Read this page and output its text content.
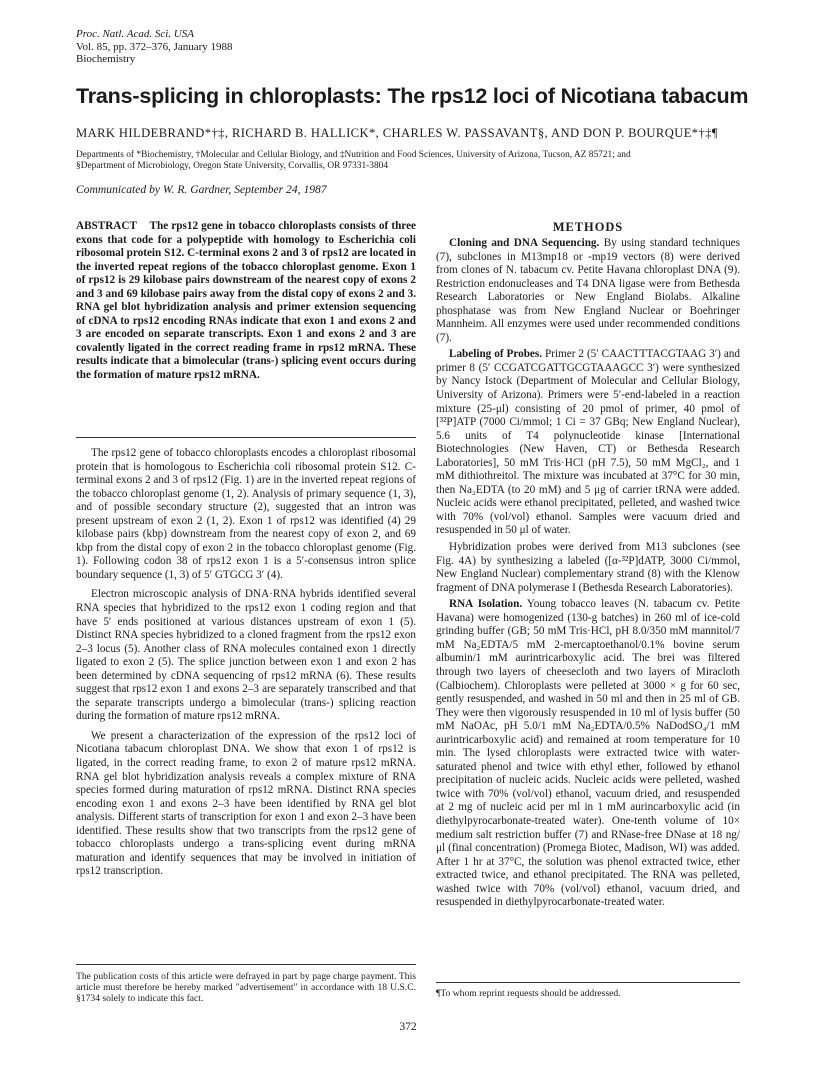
Proc. Natl. Acad. Sci. USA
Vol. 85, pp. 372–376, January 1988
Biochemistry
Trans-splicing in chloroplasts: The rps12 loci of Nicotiana tabacum
MARK HILDEBRAND*†‡, RICHARD B. HALLICK*, CHARLES W. PASSAVANT§, AND DON P. BOURQUE*†‡¶
Departments of *Biochemistry, †Molecular and Cellular Biology, and ‡Nutrition and Food Sciences, University of Arizona, Tucson, AZ 85721; and
§Department of Microbiology, Oregon State University, Corvallis, OR 97331-3804
Communicated by W. R. Gardner, September 24, 1987

ABSTRACT The rps12 gene in tobacco chloroplasts consists of three exons that code for a polypeptide with homology to Escherichia coli ribosomal protein S12. C-terminal exons 2 and 3 of rps12 are located in the inverted repeat regions of the tobacco chloroplast genome. Exon 1 of rps12 is 29 kilobase pairs downstream of the nearest copy of exons 2 and 3 and 69 kilobase pairs away from the distal copy of exons 2 and 3. RNA gel blot hybridization analysis and primer extension sequencing of cDNA to rps12 encoding RNAs indicate that exon 1 and exons 2 and 3 are encoded on separate transcripts. Exon 1 and exons 2 and 3 are covalently ligated in the correct reading frame in rps12 mRNA. These results indicate that a bimolecular (trans-) splicing event occurs during the formation of mature rps12 mRNA.

The rps12 gene of tobacco chloroplasts encodes a chloroplast ribosomal protein that is homologous to Escherichia coli ribosomal protein S12. C-terminal exons 2 and 3 of rps12 (Fig. 1) are in the inverted repeat regions of the tobacco chloroplast genome (1, 2). Analysis of primary sequence (1, 3), and of possible secondary structure (2), suggested that an intron was present upstream of exon 2 (1, 2). Exon 1 of rps12 was identified (4) 29 kilobase pairs (kbp) downstream from the nearest copy of exon 2, and 69 kbp from the distal copy of exon 2 in the tobacco chloroplast genome (Fig. 1). Following codon 38 of rps12 exon 1 is a 5′-consensus intron splice boundary sequence (1, 3) of 5′ GTGCG 3′ (4).

Electron microscopic analysis of DNA·RNA hybrids identified several RNA species that hybridized to the rps12 exon 1 coding region and that have 5′ ends positioned at various distances upstream of exon 1 (5). Distinct RNA species hybridized to a cloned fragment from the rps12 exon 2–3 locus (5). Another class of RNA molecules contained exon 1 directly ligated to exon 2 (5). The splice junction between exon 1 and exon 2 has been determined by cDNA sequencing of rps12 mRNA (6). These results suggest that rps12 exon 1 and exons 2–3 are separately transcribed and that the separate transcripts undergo a bimolecular (trans-) splicing reaction during the formation of mature rps12 mRNA.

We present a characterization of the expression of the rps12 loci of Nicotiana tabacum chloroplast DNA. We show that exon 1 of rps12 is ligated, in the correct reading frame, to exon 2 of mature rps12 mRNA. RNA gel blot hybridization analysis reveals a complex mixture of RNA species formed during maturation of rps12 mRNA. Distinct RNA species encoding exon 1 and exons 2–3 have been identified by RNA gel blot analysis. Different starts of transcription for exon 1 and exon 2–3 have been identified. These results show that two transcripts from the rps12 gene of tobacco chloroplasts undergo a trans-splicing event during mRNA maturation and identify sequences that may be involved in initiation of rps12 transcription.

METHODS

Cloning and DNA Sequencing. By using standard techniques (7), subclones in M13mp18 or -mp19 vectors (8) were derived from clones of N. tabacum cv. Petite Havana chloroplast DNA (9). Restriction endonucleases and T4 DNA ligase were from Bethesda Research Laboratories or New England Biolabs. Alkaline phosphatase was from New England Nuclear or Boehringer Mannheim. All enzymes were used under recommended conditions (7).

Labeling of Probes. Primer 2 (5′ CAACTTTACGTAAG 3′) and primer 8 (5′ CCGATCGATTGCGTAAAGCC 3′) were synthesized by Nancy Istock (Department of Molecular and Cellular Biology, University of Arizona). Primers were 5′-end-labeled in a reaction mixture (25-μl) consisting of 20 pmol of primer, 40 pmol of [³²P]ATP (7000 Ci/mmol; 1 Ci = 37 GBq; New England Nuclear), 5.6 units of T4 polynucleotide kinase [International Biotechnologies (New Haven, CT) or Bethesda Research Laboratories], 50 mM Tris·HCl (pH 7.5), 50 mM MgCl₂, and 1 mM dithiothreitol. The mixture was incubated at 37°C for 30 min, then Na₂EDTA (to 20 mM) and 5 μg of carrier tRNA were added. Nucleic acids were ethanol precipitated, pelleted, and washed twice with 70% (vol/vol) ethanol. Samples were vacuum dried and resuspended in 50 μl of water.

Hybridization probes were derived from M13 subclones (see Fig. 4A) by synthesizing a labeled ([α-³²P]dATP, 3000 Ci/mmol, New England Nuclear) complementary strand (8) with the Klenow fragment of DNA polymerase I (Bethesda Research Laboratories).

RNA Isolation. Young tobacco leaves (N. tabacum cv. Petite Havana) were homogenized (130-g batches) in 260 ml of ice-cold grinding buffer (GB; 50 mM Tris·HCl, pH 8.0/350 mM mannitol/7 mM Na₂EDTA/5 mM 2-mercaptoethanol/0.1% bovine serum albumin/1 mM aurintricarboxylic acid. The brei was filtered through two layers of cheesecloth and two layers of Miracloth (Calbiochem). Chloroplasts were pelleted at 3000 × g for 60 sec, gently resuspended, and washed in 50 ml and then in 25 ml of GB. They were then vigorously resuspended in 10 ml of lysis buffer (50 mM NaOAc, pH 5.0/1 mM Na₂EDTA/0.5% NaDodSO₄/1 mM aurintricarboxylic acid) and remained at room temperature for 10 min. The lysed chloroplasts were extracted twice with water-saturated phenol and twice with ethyl ether, followed by ethanol precipitation of nucleic acids. Nucleic acids were pelleted, washed twice with 70% (vol/vol) ethanol, vacuum dried, and resuspended at 2 mg of nucleic acid per ml in 1 mM aurincarboxylic acid (in diethylpyrocarbonate-treated water). One-tenth volume of 10× medium salt restriction buffer (7) and RNase-free DNase at 18 ng/μl (final concentration) (Promega Biotec, Madison, WI) was added. After 1 hr at 37°C, the solution was phenol extracted twice, ether extracted twice, and ethanol precipitated. The RNA was pelleted, washed twice with 70% (vol/vol) ethanol, vacuum dried, and resuspended in diethylpyrocarbonate-treated water.

The publication costs of this article were defrayed in part by page charge payment. This article must therefore be hereby marked "advertisement" in accordance with 18 U.S.C. §1734 solely to indicate this fact.	¶To whom reprint requests should be addressed.
372
